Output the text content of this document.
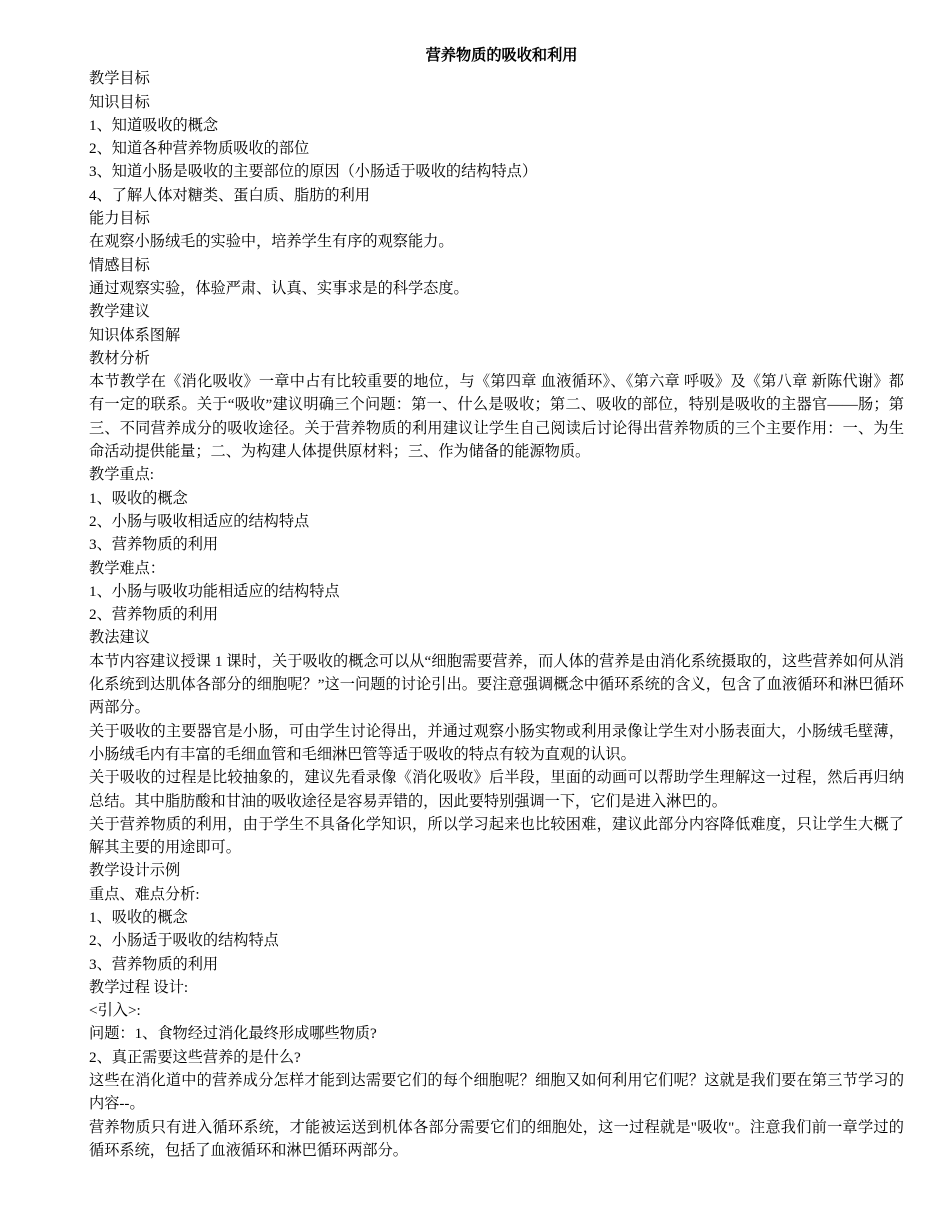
营养物质的吸收和利用

教学目标

知识目标

1、知道吸收的概念

2、知道各种营养物质吸收的部位

3、知道小肠是吸收的主要部位的原因（小肠适于吸收的结构特点）

4、了解人体对糖类、蛋白质、脂肪的利用

能力目标

在观察小肠绒毛的实验中，培养学生有序的观察能力。

情感目标

通过观察实验，体验严肃、认真、实事求是的科学态度。

教学建议

知识体系图解

教材分析

本节教学在《消化吸收》一章中占有比较重要的地位，与《第四章 血液循环》、《第六章 呼吸》及《第八章 新陈代谢》都有一定的联系。关于“吸收”建议明确三个问题：第一、什么是吸收；第二、吸收的部位，特别是吸收的主器官——肠；第三、不同营养成分的吸收途径。关于营养物质的利用建议让学生自己阅读后讨论得出营养物质的三个主要作用：一、为生命活动提供能量；二、为构建人体提供原材料；三、作为储备的能源物质。

教学重点:

1、吸收的概念

2、小肠与吸收相适应的结构特点

3、营养物质的利用

教学难点：

1、小肠与吸收功能相适应的结构特点

2、营养物质的利用

教法建议

本节内容建议授课 1 课时，关于吸收的概念可以从“细胞需要营养，而人体的营养是由消化系统摄取的，这些营养如何从消化系统到达肌体各部分的细胞呢？”这一问题的讨论引出。要注意强调概念中循环系统的含义，包含了血液循环和淋巴循环两部分。

关于吸收的主要器官是小肠，可由学生讨论得出，并通过观察小肠实物或利用录像让学生对小肠表面大，小肠绒毛壁薄，小肠绒毛内有丰富的毛细血管和毛细淋巴管等适于吸收的特点有较为直观的认识。

关于吸收的过程是比较抽象的，建议先看录像《消化吸收》后半段，里面的动画可以帮助学生理解这一过程，然后再归纳总结。其中脂肪酸和甘油的吸收途径是容易弄错的，因此要特别强调一下，它们是进入淋巴的。

关于营养物质的利用，由于学生不具备化学知识，所以学习起来也比较困难，建议此部分内容降低难度，只让学生大概了解其主要的用途即可。

教学设计示例

重点、难点分析:

1、吸收的概念

2、小肠适于吸收的结构特点

3、营养物质的利用

教学过程 设计:

<引入>:

问题：1、食物经过消化最终形成哪些物质?

2、真正需要这些营养的是什么?

这些在消化道中的营养成分怎样才能到达需要它们的每个细胞呢？细胞又如何利用它们呢？这就是我们要在第三节学习的内容--。

营养物质只有进入循环系统，才能被运送到机体各部分需要它们的细胞处，这一过程就是"吸收"。注意我们前一章学过的循环系统，包括了血液循环和淋巴循环两部分。
